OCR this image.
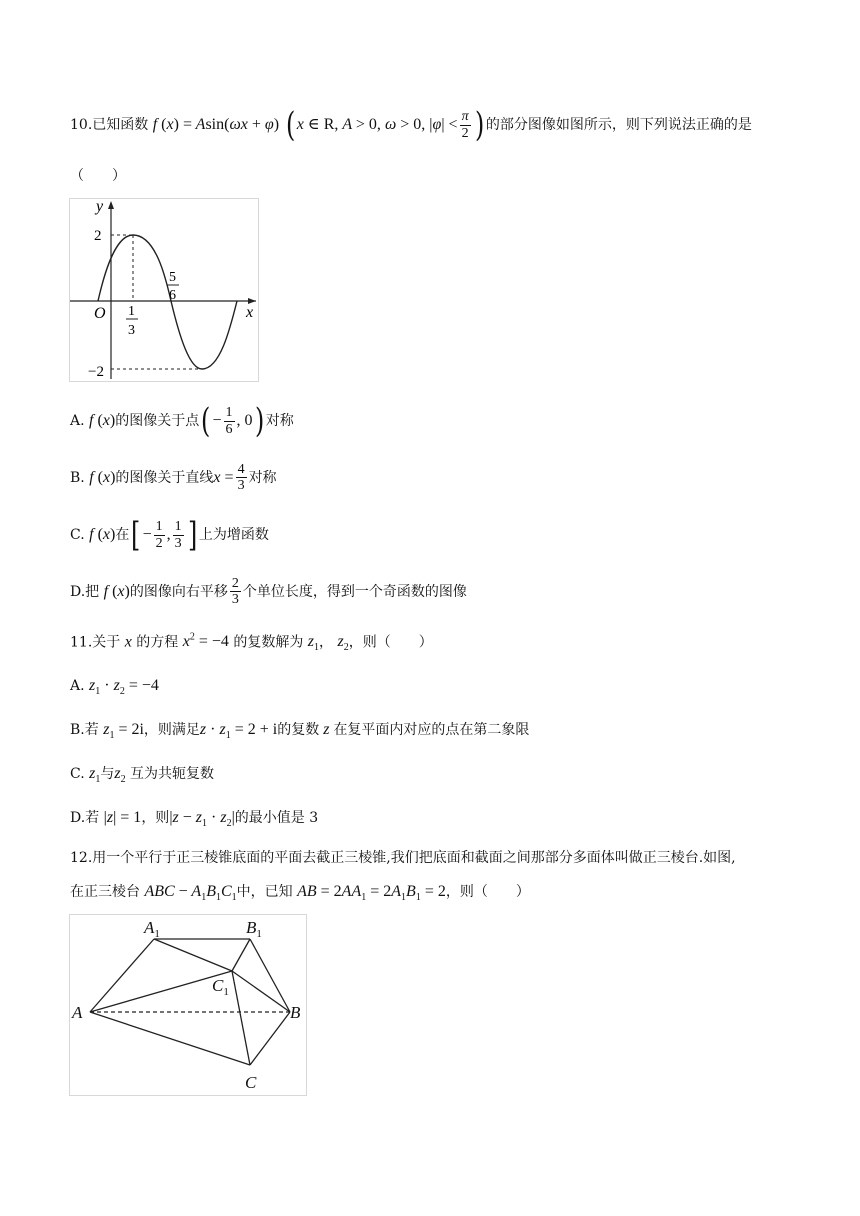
10.已知函数 f (x) = Asin(ωx + φ) ( x ∈ R, A > 0, ω > 0, $|\varphi| < \frac{\pi}{2}$ ) 的部分图像如图所示，则下列说法正确的是
（　　）
y
x
O
2
−2
1
3
5
6
A. f (x)的图像关于点( − $\frac{1}{6}$ , 0) 对称
B. f (x)的图像关于直线$x = \frac{4}{3}$ 对称
C. f (x)在[ − $\frac{1}{2}$ , $\frac{1}{3}$ ] 上为增函数
D.把 f (x)的图像向右平移 $\frac{2}{3}$ 个单位长度，得到一个奇函数的图像
11.关于 x 的方程 $x^2 = -4$ 的复数解为 $z_1$， $z_2$，则（　　）
A. $z_1 \cdot z_2 = -4$
B.若 $z_1 = 2i$，则满足$z \cdot z_1 = 2 + i$的复数 z 在复平面内对应的点在第二象限
C. $z_1$与$z_2$ 互为共轭复数
D.若 |z| = 1，则$|z - z_1 \cdot z_2|$的最小值是 3
12.用一个平行于正三棱锥底面的平面去截正三棱锥,我们把底面和截面之间那部分多面体叫做正三棱台.如图,
在正三棱台 ABC − $A_1B_1C_1$中，已知 AB = $2AA_1 = 2A_1B_1 = 2$，则（　　）
$A_1$	$B_1$
$C_1$
A	B
C
